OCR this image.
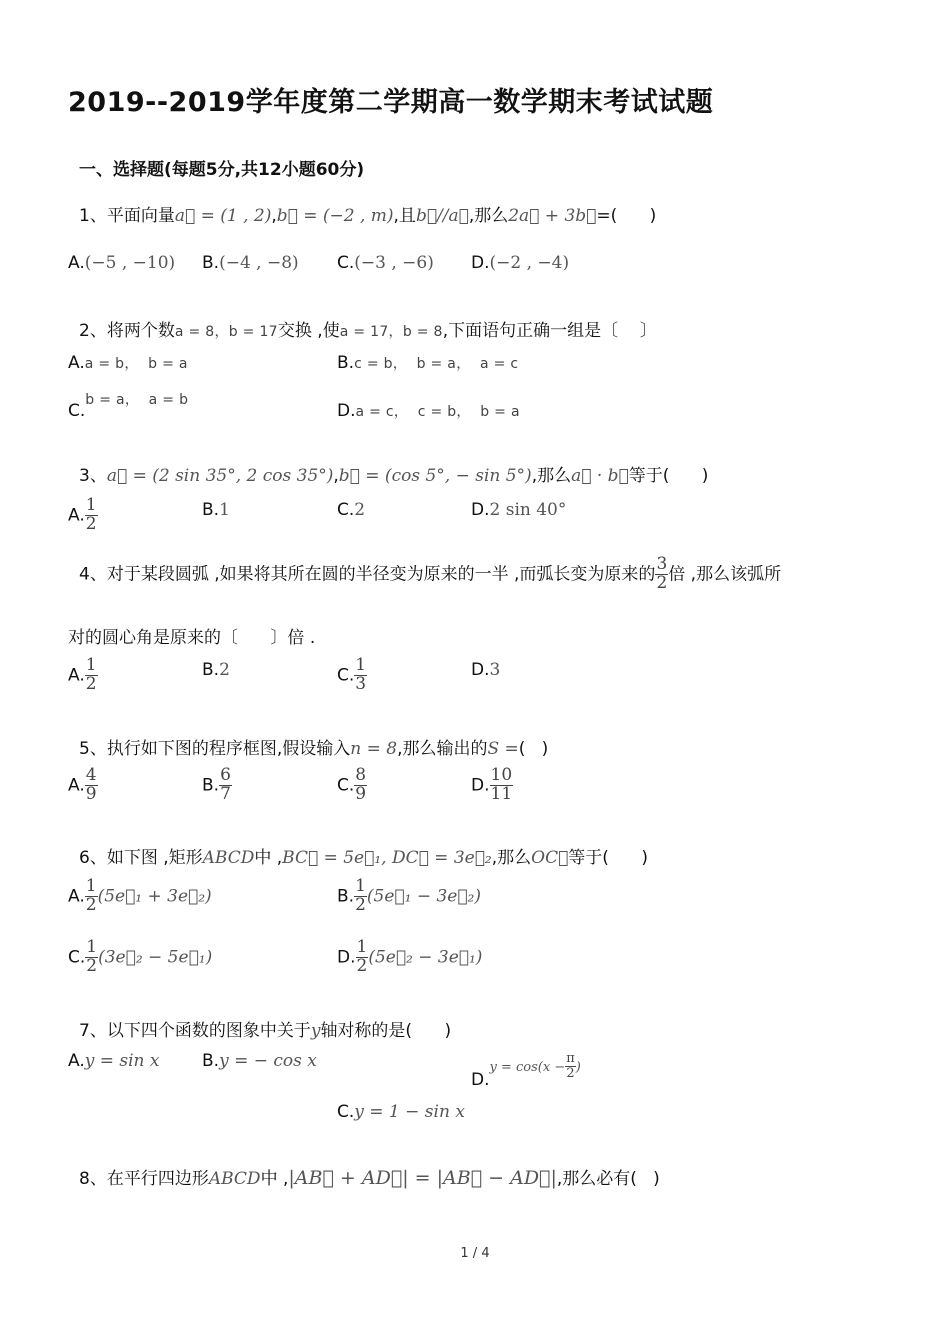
2019--2019学年度第二学期高一数学期末考试试题
一、选择题(每题5分,共12小题60分)
1、平面向量a⃗ = (1 , 2),b⃗ = (−2 , m),且b⃗//a⃗,那么2a⃗ + 3b⃗=(      )
A.(−5 , −10) B.(−4 , −8) C.(−3 , −6) D.(−2 , −4)
2、将两个数a = 8，b = 17交换 ,使a = 17，b = 8,下面语句正确一组是〔    〕
A.a = b，  b = a	B.c = b，  b = a，  a = c
C.$^{b = a, a = b}$
D.a = c，  c = b，  b = a
3、a⃗ = (2 sin 35°, 2 cos 35°),b⃗ = (cos 5°, − sin 5°),那么a⃗ · b⃗等于(      )
A. $\frac{1}{2}$	B.1	C.2	D.2 sin 40°
4、对于某段圆弧 ,如果将其所在圆的半径变为原来的一半 ,而弧长变为原来的 $\frac{3}{2}$ 倍 ,那么该弧所
对的圆心角是原来的〔      〕倍 .
A. $\frac{1}{2}$	B.2	C. $\frac{1}{3}$	D.3
5、执行如下图的程序框图,假设输入n = 8,那么输出的S =(   )
A. $\frac{4}{9}$	B. $\frac{6}{7}$	C. $\frac{8}{9}$	D. $\frac{10}{11}$
6、如下图 ,矩形ABCD中 ,BC⃗ = 5e⃗₁, DC⃗ = 3e⃗₂,那么OC⃗等于(      )
A. $\frac{1}{2}$ (5e⃗₁ + 3e⃗₂)	B. $\frac{1}{2}$ (5e⃗₁ − 3e⃗₂)
C. $\frac{1}{2}$ (3e⃗₂ − 5e⃗₁)	D. $\frac{1}{2}$ (5e⃗₂ − 3e⃗₁)
7、以下四个函数的图象中关于y轴对称的是(      )
A.y = sin x	B.y = − cos x
$D.y = \cos(x - \frac{\pi}{2}$ )
C.y = 1 − sin x
8、在平行四边形ABCD中 ,|AB⃗ + AD⃗| = |AB⃗ − AD⃗|,那么必有(   )
1 / 4
